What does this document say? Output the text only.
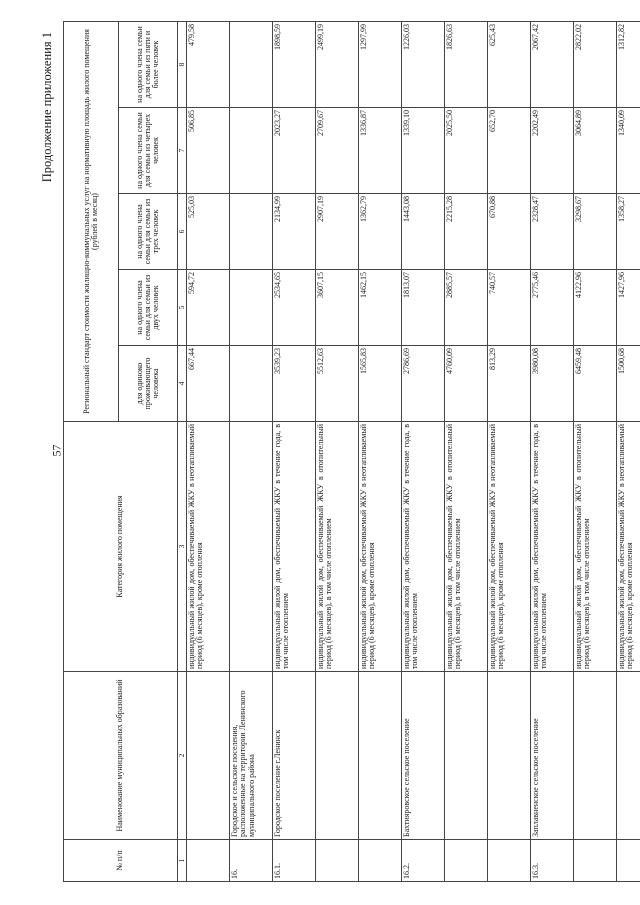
57
Продолжение приложения 1
№ п/п	Наименование муниципальных образований	Категория жилого помещения	Региональный стандарт стоимости жилищно-коммунальных услуг на нормативную площадь жилого помещения (рублей в месяц)				
			для одиноко проживающего человека	на одного члена семьи для семьи из двух человек	на одного члена семьи для семьи из трех человек	на одного члена семьи для семьи из четырех человек	на одного члена семьи для семьи из пяти и более человек
1	2	3	4	5	6	7	8
		индивидуальный жилой дом, обеспечиваемый ЖКУ в неотапливаемый период (6 месяцев), кроме отопления	667,44	594,72	525,03	506,85	479,58
16.	Городское и сельские поселения, расположенные на территории Ленинского муниципального района						
16.1.	Городское поселение г.Ленинск	индивидуальный жилой дом, обеспечиваемый ЖКУ в течение года, в том числе отоплением	3539,23	2534,65	2134,99	2023,27	1898,59
		индивидуальный жилой дом, обеспечиваемый ЖКУ в отопительный период (6 месяцев), в том числе отоплением	5512,63	3607,15	2907,19	2709,67	2499,19
		индивидуальный жилой дом, обеспечиваемый ЖКУ в неотапливаемый период (6 месяцев), кроме отопления	1565,83	1462,15	1362,79	1336,87	1297,99
16.2.	Бахтияровское сельское поселение	индивидуальный жилой дом, обеспечиваемый ЖКУ в течение года, в том числе отоплением	2786,69	1813,07	1443,08	1339,10	1226,03
		индивидуальный жилой дом, обеспечиваемый ЖКУ в отопительный период (6 месяцев), в том числе отоплением	4760,09	2885,57	2215,28	2025,50	1826,63
		индивидуальный жилой дом, обеспечиваемый ЖКУ в неотапливаемый период (6 месяцев), кроме отопления	813,29	740,57	670,88	652,70	625,43
16.3.	Заплавненское сельское поселение	индивидуальный жилой дом, обеспечиваемый ЖКУ в течение года, в том числе отоплением	3980,08	2775,46	2328,47	2202,49	2067,42
		индивидуальный жилой дом, обеспечиваемый ЖКУ в отопительный период (6 месяцев), в том числе отоплением	6459,48	4122,96	3298,67	3064,89	2822,02
		индивидуальный жилой дом, обеспечиваемый ЖКУ в неотапливаемый период (6 месяцев), кроме отопления	1500,68	1427,96	1358,27	1340,09	1312,82
